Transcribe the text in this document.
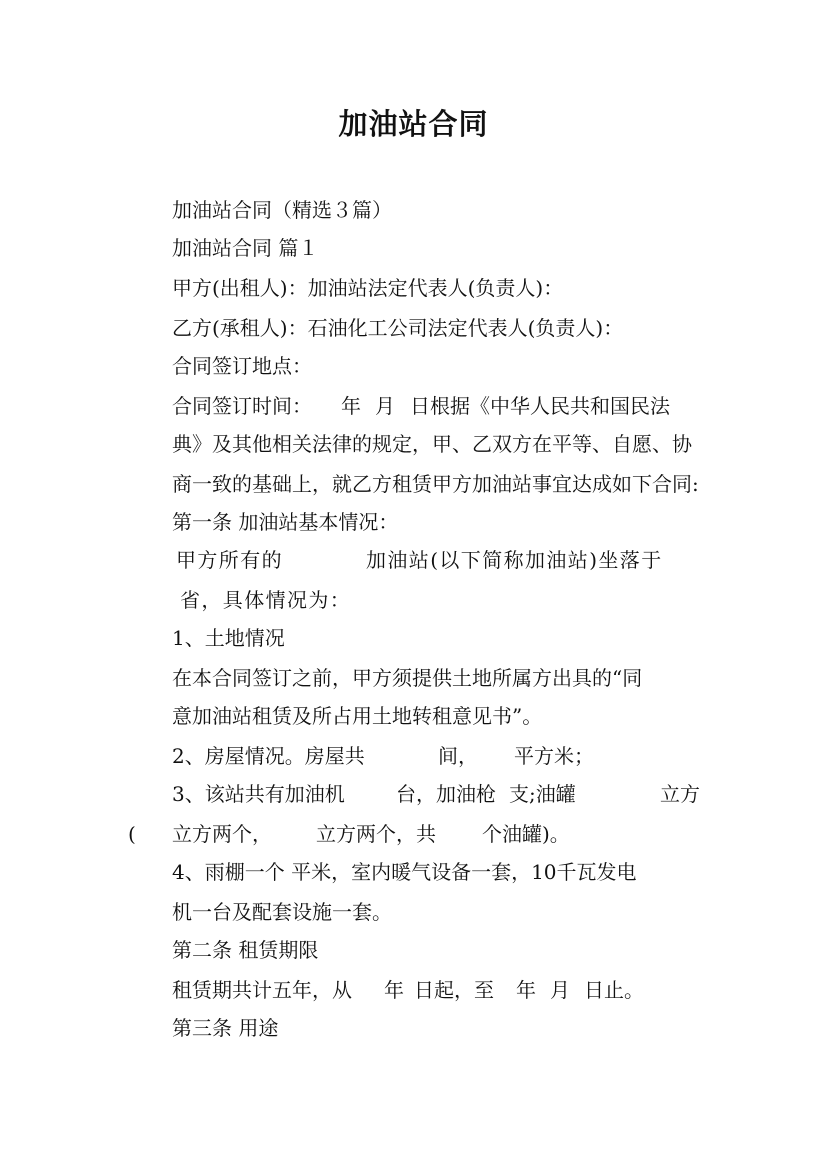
加油站合同
加油站合同（精选３篇）
加油站合同 篇１
甲方(出租人)：加油站法定代表人(负责人)：
乙方(承租人)：石油化工公司法定代表人(负责人)：
合同签订地点：
合同签订时间： 年 月 日根据《中华人民共和国民法
典》及其他相关法律的规定，甲、乙双方在平等、自愿、协
商一致的基础上，就乙方租赁甲方加油站事宜达成如下合同:
第一条 加油站基本情况：
甲方所有的	加油站(以下简称加油站)坐落于
省，具体情况为：
1、土地情况
在本合同签订之前，甲方须提供土地所属方出具的“同
意加油站租赁及所占用土地转租意见书”。
2、房屋情况。房屋共	间， 平方米；
3、该站共有加油机	台，加油枪 支;油罐	立方
( 立方两个， 立方两个，共 个油罐)。
4、雨棚一个 平米，室内暖气设备一套，10千瓦发电
机一台及配套设施一套。
第二条 租赁期限
租赁期共计五年，从 年 日起，至 年 月 日止。
第三条 用途
